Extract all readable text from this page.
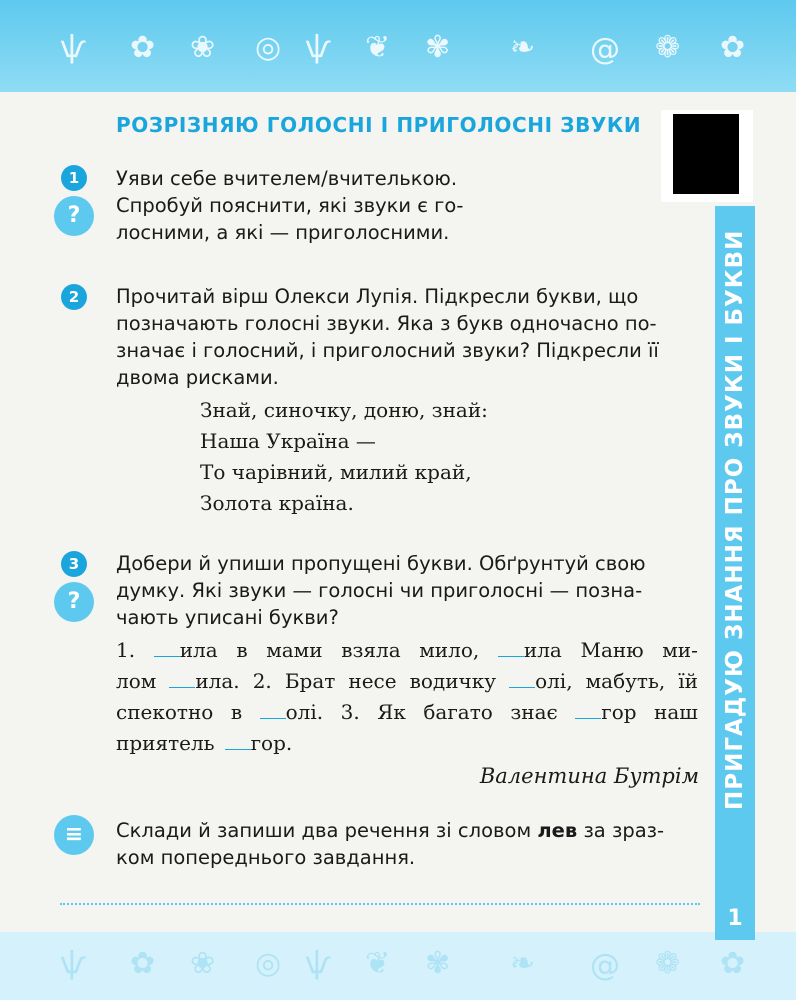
ѱ ✿ ❀ ◎ ѱ ❦ ✾ ❧ @ ❁ ✿
ѱ ✿ ❀ ◎ ѱ ❦ ✾ ❧ @ ❁ ✿
ПРИГАДУЮ ЗНАННЯ ПРО ЗВУКИ І БУКВИ
1
РОЗРІЗНЯЮ ГОЛОСНІ І ПРИГОЛОСНІ ЗВУКИ
1
?
Уяви себе вчителем/вчителькою.
Спробуй пояснити, які звуки є го-
лосними, а які — приголосними.
2	Прочитай вірш Олекси Лупія. Підкресли букви, що
позначають голосні звуки. Яка з букв одночасно по-
значає і голосний, і приголосний звуки? Підкресли її
двома рисками.
Знай, синочку, доню, знай:
Наша Україна —
То чарівний, милий край,
Золота країна.
3
?
Добери й упиши пропущені букви. Обґрунтуй свою
думку. Які звуки — голосні чи приголосні — позна-
чають уписані букви?
1.	ила в мами взяла мило,	ила Маню ми-
лом	ила. 2. Брат несе водичку	олі, мабуть, їй
спекотно в	олі. 3. Як багато знає	гор наш
приятель	гор.
Валентина Бутрім
≡	Склади й запиши два речення зі словом лев за зраз-
ком попереднього завдання.
